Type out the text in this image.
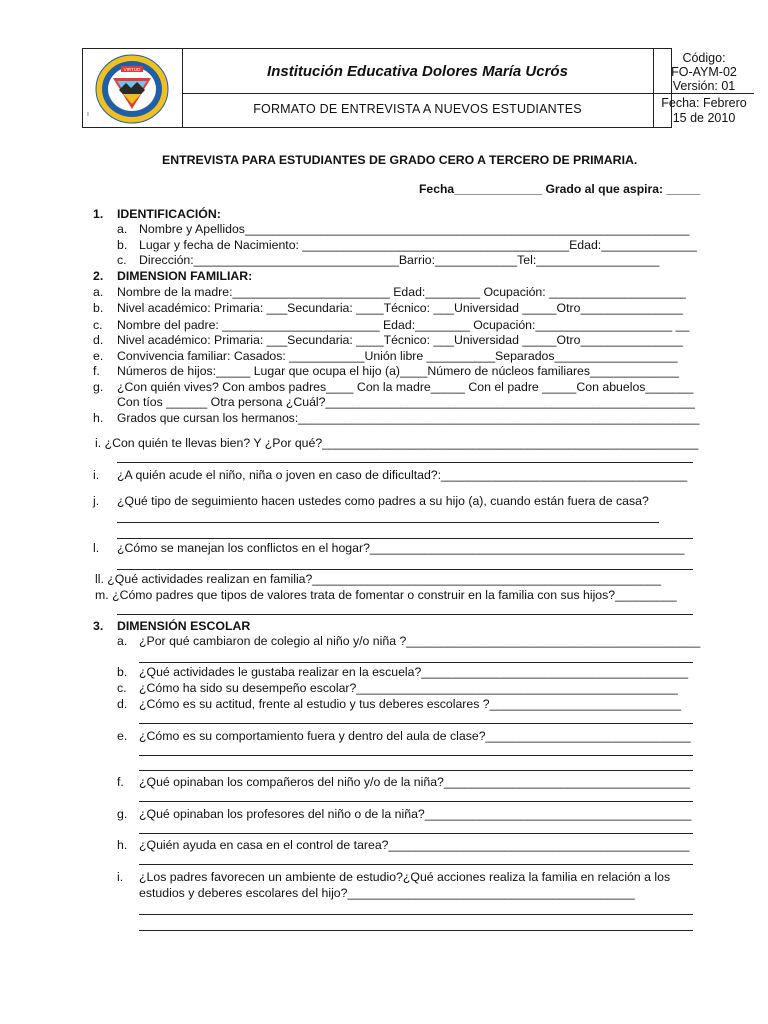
VIRTUD
ı
Institución Educativa Dolores María Ucrós
FORMATO DE ENTREVISTA A NUEVOS ESTUDIANTES
Código:
FO-AYM-02
Versión: 01
Fecha: Febrero
15 de 2010
ENTREVISTA PARA ESTUDIANTES DE GRADO CERO A TERCERO DE PRIMARIA.
Fecha_____________ Grado al que aspira: _____
1. IDENTIFICACIÓN:
a. Nombre y Apellidos_________________________________________________________________
b. Lugar y fecha de Nacimiento: _______________________________________Edad:______________
c. Dirección:______________________________Barrio:____________Tel:__________________
2. DIMENSION FAMILIAR:
a. Nombre de la madre:_______________________ Edad:________ Ocupación: ____________________
b. Nivel académico: Primaria: ___Secundaria: ____Técnico: ___Universidad _____Otro_______________
c. Nombre del padre: _______________________ Edad:________ Ocupación:____________________ __
d. Nivel académico: Primaria: ___Secundaria: ____Técnico: ___Universidad _____Otro_______________
e. Convivencia familiar: Casados: ___________Unión libre __________Separados__________________
f. Números de hijos:_____ Lugar que ocupa el hijo (a)____Número de núcleos familiares_____________
g. ¿Con quién vives? Con ambos padres____ Con la madre_____ Con el padre _____Con abuelos_______
Con tíos ______ Otra persona ¿Cuál?______________________________________________________
h. Grados que cursan los hermanos:____________________________________________________________
i. ¿Con quién te llevas bien? Y ¿Por qué?_______________________________________________________
i. ¿A quién acude el niño, niña o joven en caso de dificultad?:____________________________________
j. ¿Qué tipo de seguimiento hacen ustedes como padres a su hijo (a), cuando están fuera de casa?
l. ¿Cómo se manejan los conflictos en el hogar?______________________________________________
ll. ¿Qué actividades realizan en familia?___________________________________________________
m. ¿Cómo padres que tipos de valores trata de fomentar o construir en la familia con sus hijos?_________
3. DIMENSIÓN ESCOLAR
a. ¿Por qué cambiaron de colegio al niño y/o niña ?___________________________________________
b. ¿Qué actividades le gustaba realizar en la escuela?_______________________________________
c. ¿Cómo ha sido su desempeño escolar?_______________________________________________
d. ¿Cómo es su actitud, frente al estudio y tus deberes escolares ?____________________________
e. ¿Cómo es su comportamiento fuera y dentro del aula de clase?______________________________
f. ¿Qué opinaban los compañeros del niño y/o de la niña?____________________________________
g. ¿Qué opinaban los profesores del niño o de la niña?_______________________________________
h. ¿Quién ayuda en casa en el control de tarea?____________________________________________
i. ¿Los padres favorecen un ambiente de estudio?¿Qué acciones realiza la familia en relación a los
estudios y deberes escolares del hijo?__________________________________________
